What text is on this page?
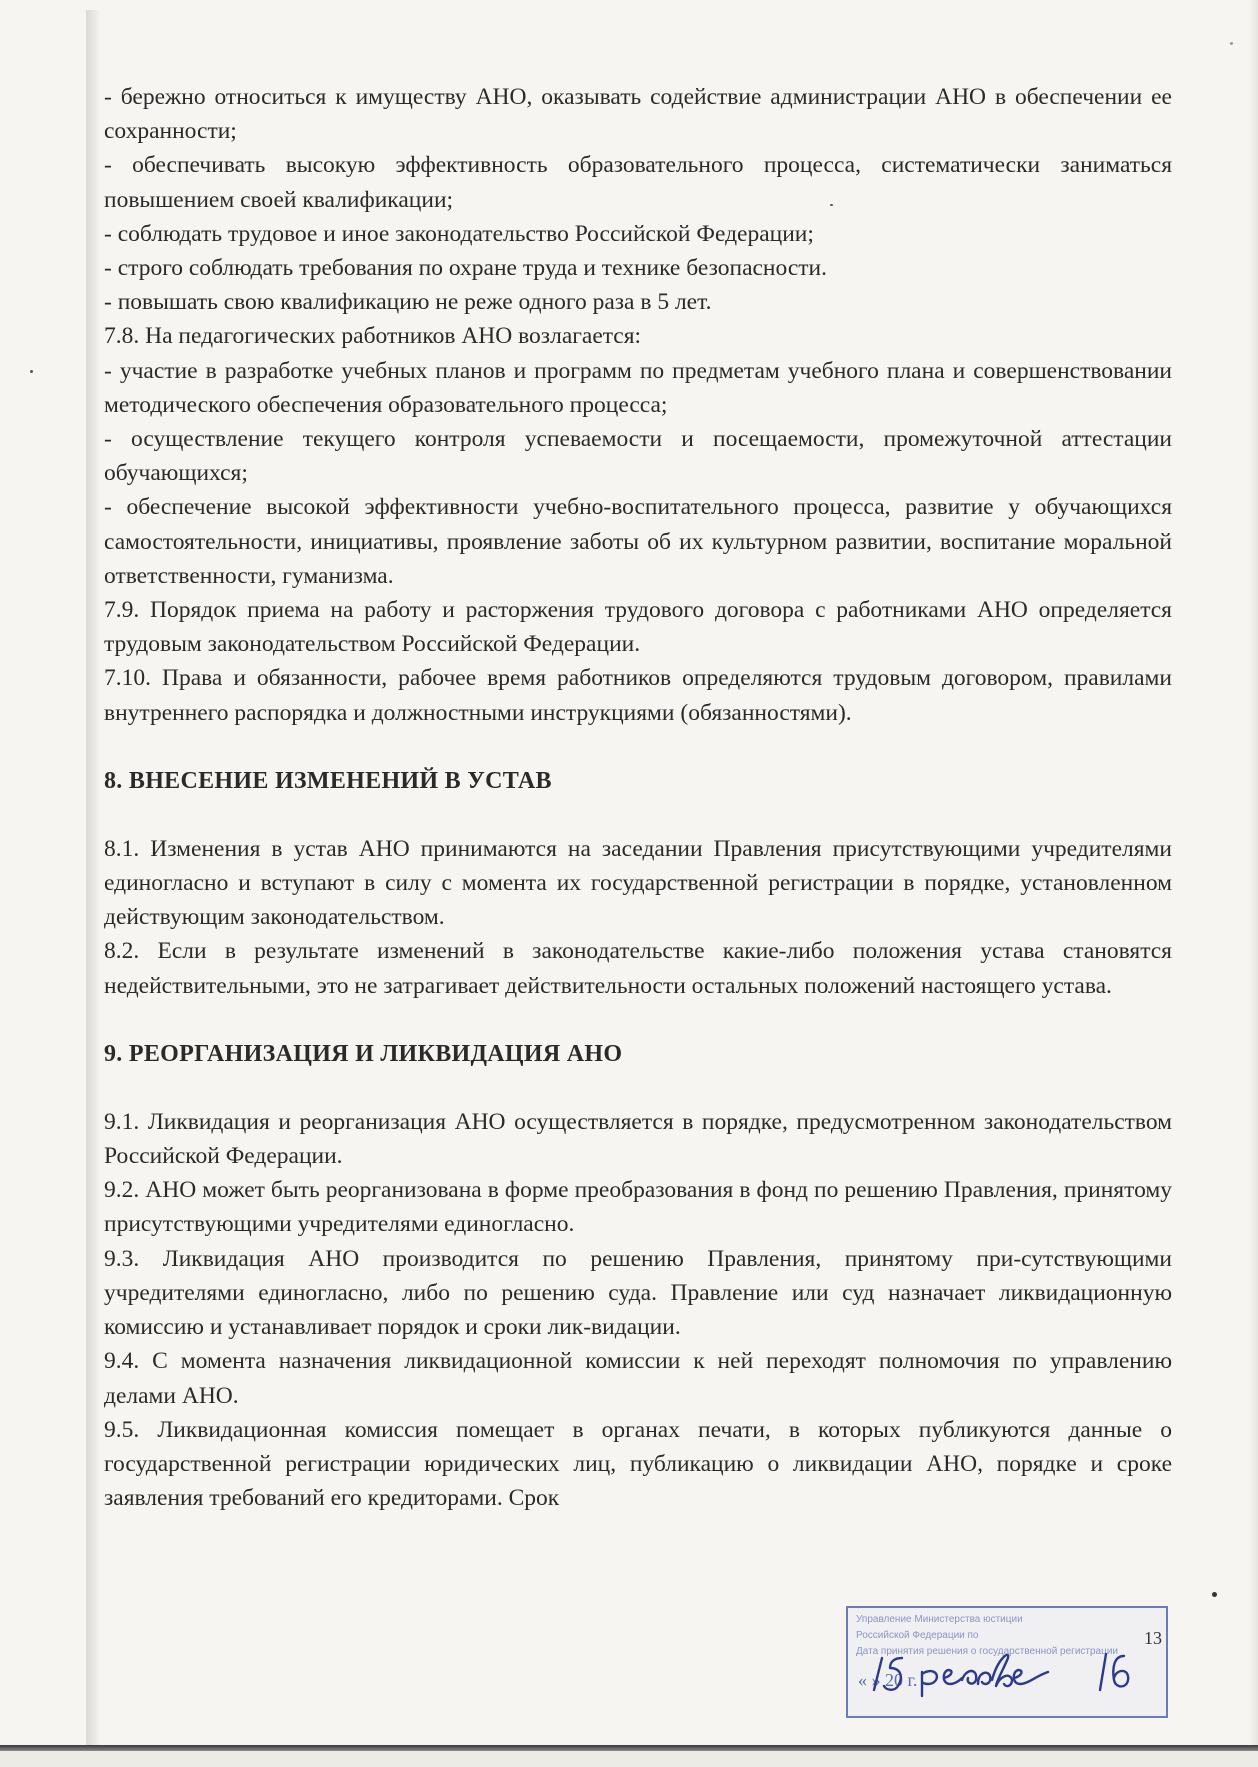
- бережно относиться к имуществу АНО, оказывать содействие администрации АНО в обеспечении ее сохранности;

- обеспечивать высокую эффективность образовательного процесса, систематически заниматься повышением своей квалификации;

- соблюдать трудовое и иное законодательство Российской Федерации;

- строго соблюдать требования по охране труда и технике безопасности.

- повышать свою квалификацию не реже одного раза в 5 лет.

7.8. На педагогических работников АНО возлагается:

- участие в разработке учебных планов и программ по предметам учебного плана и совершенствовании методического обеспечения образовательного процесса;

- осуществление текущего контроля успеваемости и посещаемости, промежуточной аттестации обучающихся;

- обеспечение высокой эффективности учебно-воспитательного процесса, развитие у обучающихся самостоятельности, инициативы, проявление заботы об их культурном развитии, воспитание моральной ответственности, гуманизма.

7.9. Порядок приема на работу и расторжения трудового договора с работниками АНО определяется трудовым законодательством Российской Федерации.

7.10. Права и обязанности, рабочее время работников определяются трудовым договором, правилами внутреннего распорядка и должностными инструкциями (обязанностями).

8. ВНЕСЕНИЕ ИЗМЕНЕНИЙ В УСТАВ

8.1. Изменения в устав АНО принимаются на заседании Правления присутствующими учредителями единогласно и вступают в силу с момента их государственной регистрации в порядке, установленном действующим законодательством.

8.2. Если в результате изменений в законодательстве какие-либо положения устава становятся недействительными, это не затрагивает действительности остальных положений настоящего устава.

9. РЕОРГАНИЗАЦИЯ И ЛИКВИДАЦИЯ АНО

9.1. Ликвидация и реорганизация АНО осуществляется в порядке, предусмотренном законодательством Российской Федерации.

9.2. АНО может быть реорганизована в форме преобразования в фонд по решению Правления, принятому присутствующими учредителями единогласно.

9.3. Ликвидация АНО производится по решению Правления, принятому при-сутствующими учредителями единогласно, либо по решению суда. Правление или суд назначает ликвидационную комиссию и устанавливает порядок и сроки лик-видации.

9.4. С момента назначения ликвидационной комиссии к ней переходят полномочия по управлению делами АНО.

9.5. Ликвидационная комиссия помещает в органах печати, в которых публикуются данные о государственной регистрации юридических лиц, публикацию о ликвидации АНО, порядке и сроке заявления требований его кредиторами. Срок

Управление Министерства юстиции
Российской Федерации по
Дата принятия решения о государственной регистрации
« » 20 г.
13
